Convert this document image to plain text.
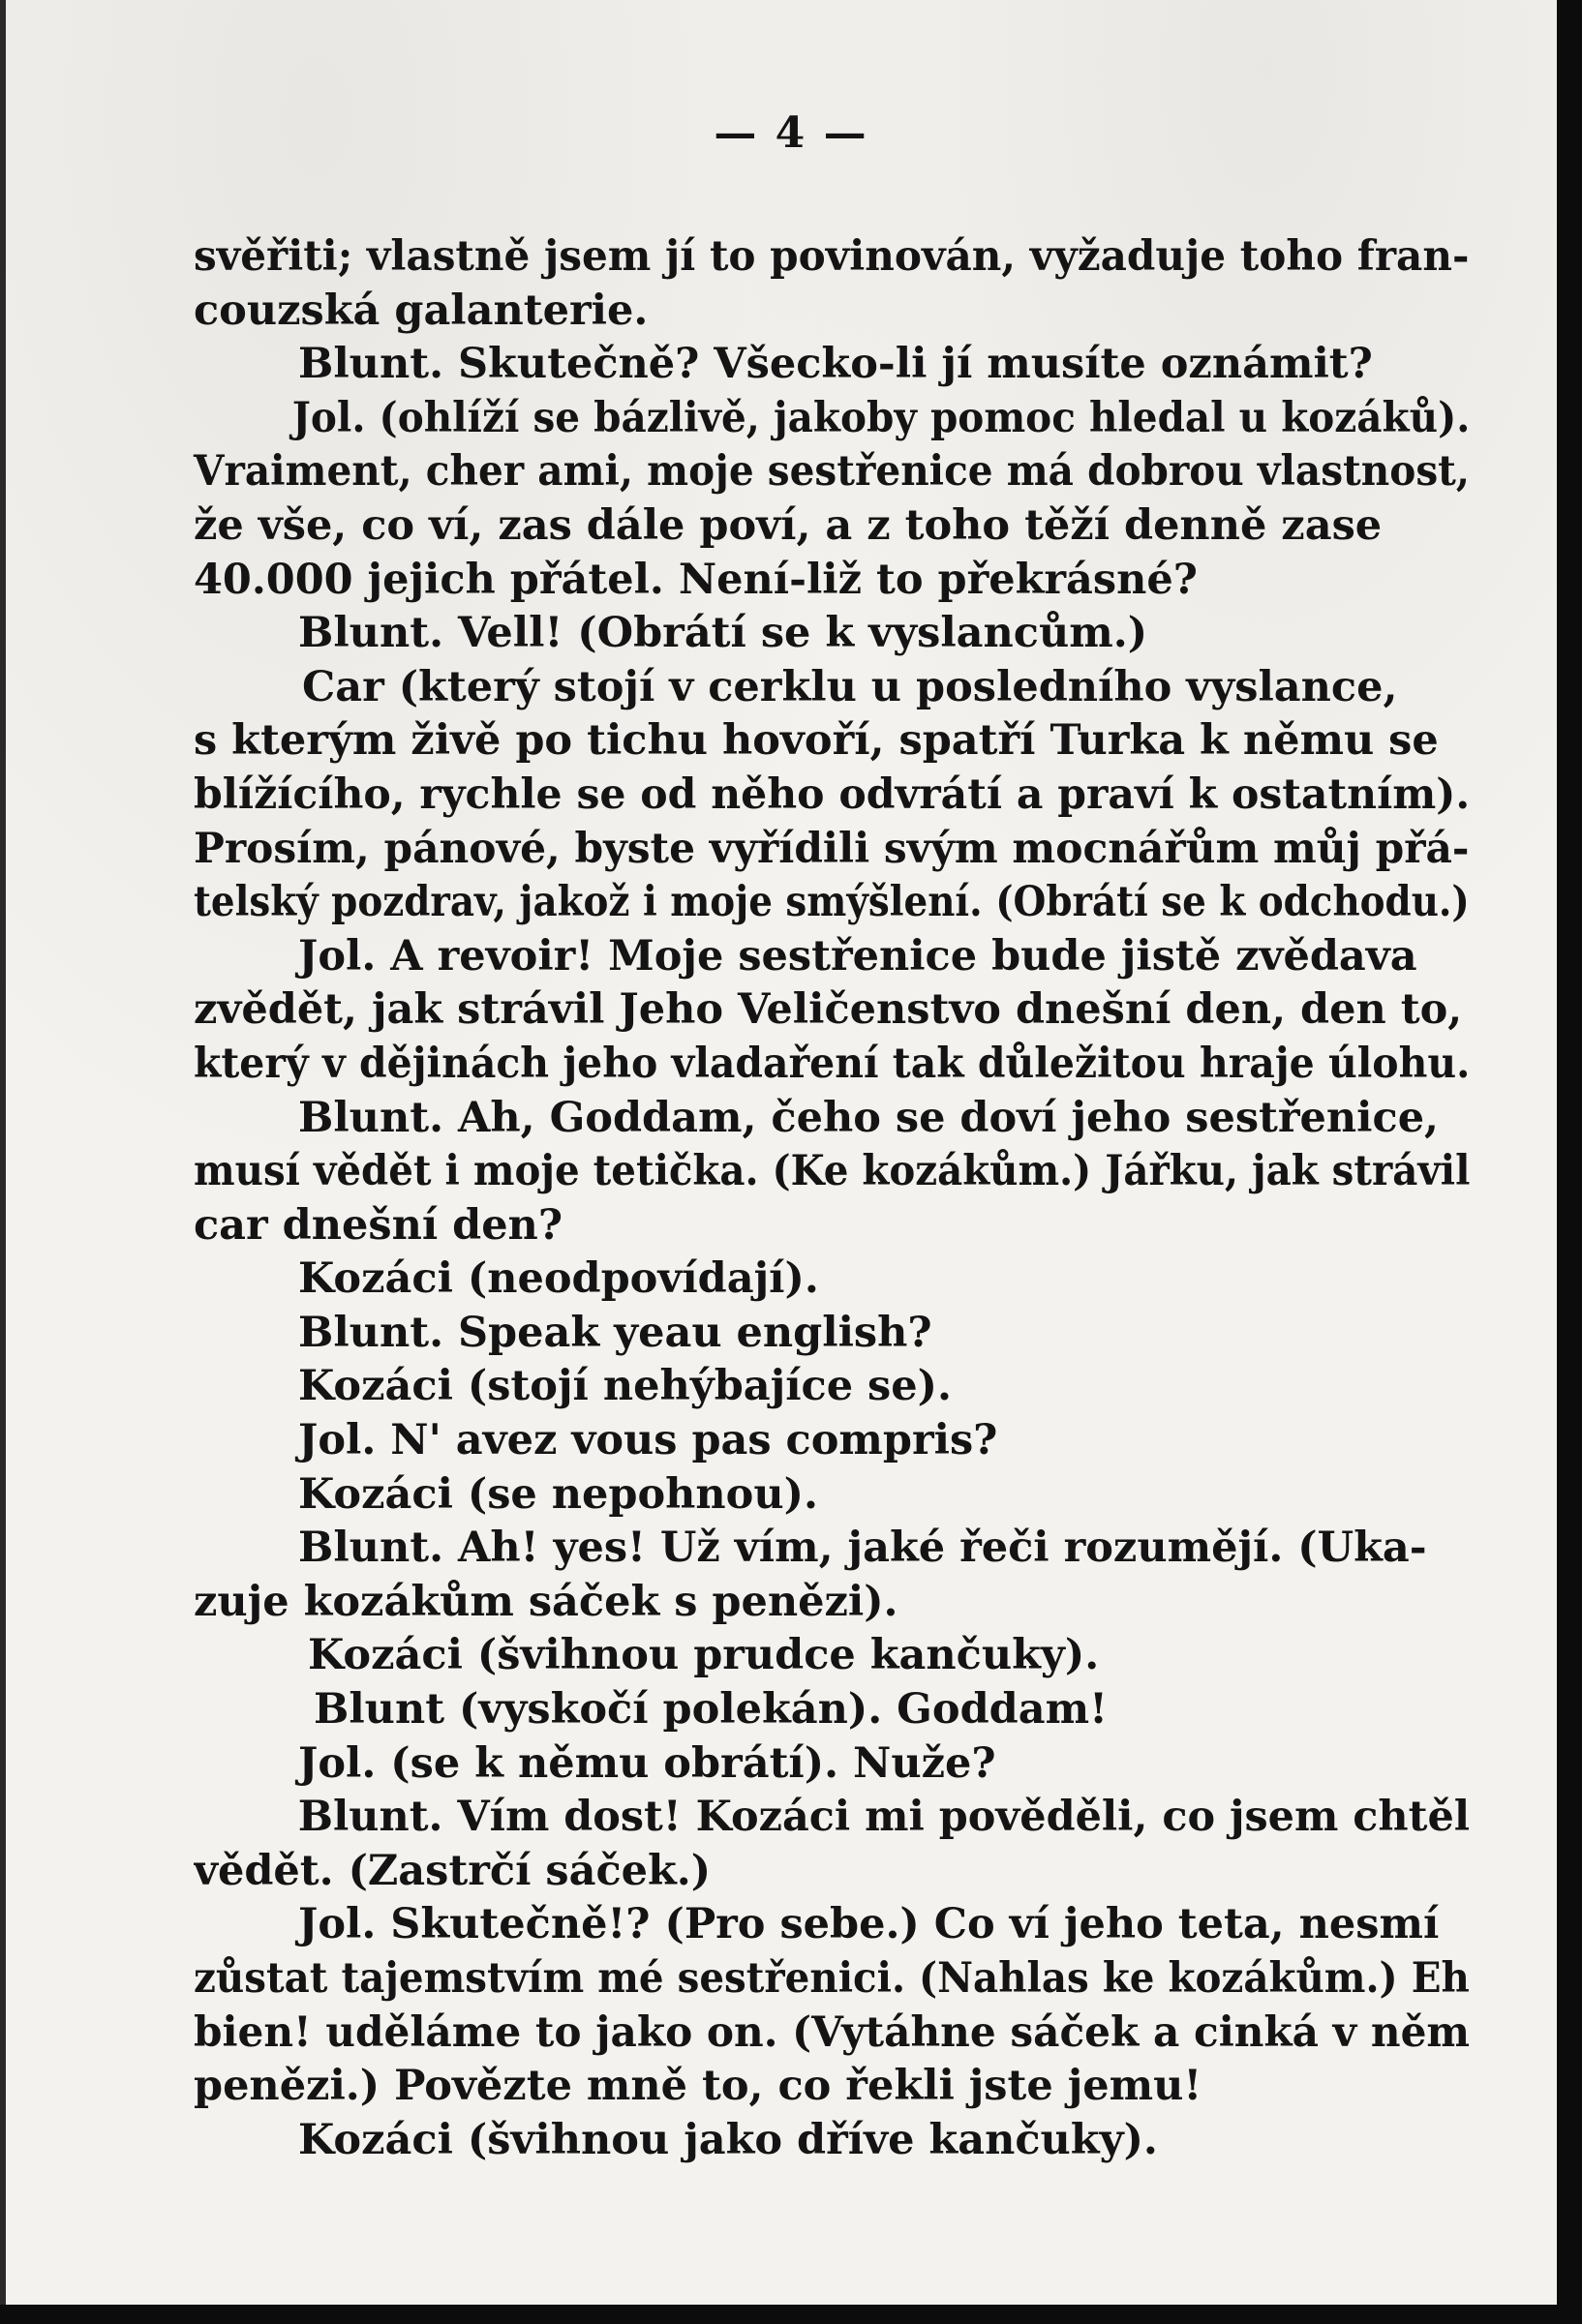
— 4 —
svěřiti; vlastně jsem jí to povinován, vyžaduje toho fran-
couzská galanterie.
Blunt. Skutečně? Všecko-li jí musíte oznámit?
Jol. (ohlíží se bázlivě, jakoby pomoc hledal u kozáků).
Vraiment, cher ami, moje sestřenice má dobrou vlastnost,
že vše, co ví, zas dále poví, a z toho těží denně zase
40.000 jejich přátel. Není-liž to překrásné?
Blunt. Vell! (Obrátí se k vyslancům.)
Car (který stojí v cerklu u posledního vyslance,
s kterým živě po tichu hovoří, spatří Turka k němu se
blížícího, rychle se od něho odvrátí a praví k ostatním).
Prosím, pánové, byste vyřídili svým mocnářům můj přá-
telský pozdrav, jakož i moje smýšlení. (Obrátí se k odchodu.)
Jol. A revoir! Moje sestřenice bude jistě zvědava
zvědět, jak strávil Jeho Veličenstvo dnešní den, den to,
který v dějinách jeho vladaření tak důležitou hraje úlohu.
Blunt. Ah, Goddam, čeho se doví jeho sestřenice,
musí vědět i moje tetička. (Ke kozákům.) Jářku, jak strávil
car dnešní den?
Kozáci (neodpovídají).
Blunt. Speak yeau english?
Kozáci (stojí nehýbajíce se).
Jol. N' avez vous pas compris?
Kozáci (se nepohnou).
Blunt. Ah! yes! Už vím, jaké řeči rozumějí. (Uka-
zuje kozákům sáček s penězi).
Kozáci (švihnou prudce kančuky).
Blunt (vyskočí polekán). Goddam!
Jol. (se k němu obrátí). Nuže?
Blunt. Vím dost! Kozáci mi pověděli, co jsem chtěl
vědět. (Zastrčí sáček.)
Jol. Skutečně!? (Pro sebe.) Co ví jeho teta, nesmí
zůstat tajemstvím mé sestřenici. (Nahlas ke kozákům.) Eh
bien! uděláme to jako on. (Vytáhne sáček a cinká v něm
penězi.) Povězte mně to, co řekli jste jemu!
Kozáci (švihnou jako dříve kančuky).
